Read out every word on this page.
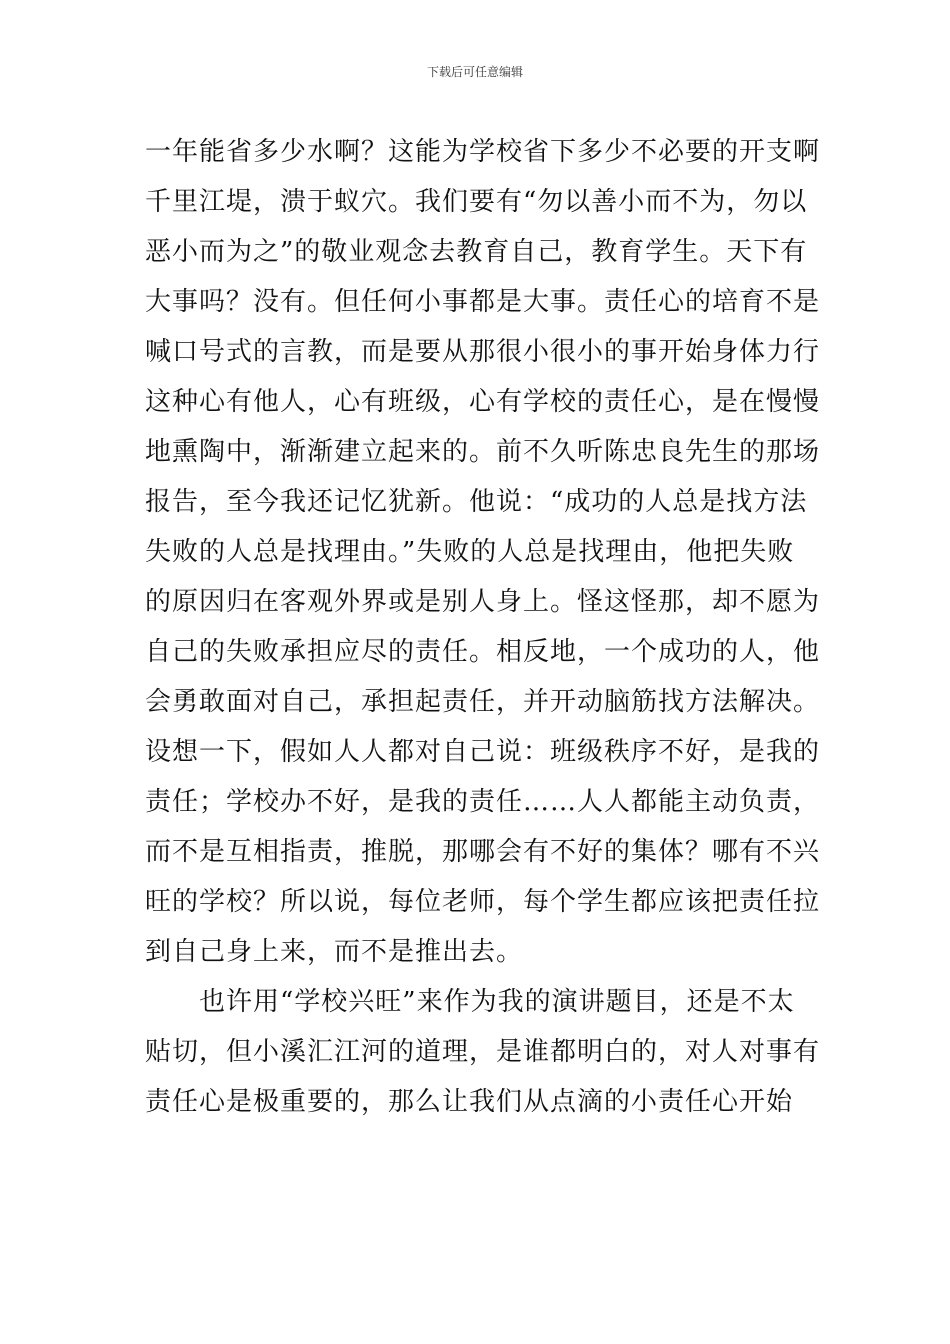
下载后可任意编辑
一年能省多少水啊？这能为学校省下多少不必要的开支啊
千里江堤，溃于蚁穴。我们要有“勿以善小而不为，勿以
恶小而为之”的敬业观念去教育自己，教育学生。天下有
大事吗？没有。但任何小事都是大事。责任心的培育不是
喊口号式的言教，而是要从那很小很小的事开始身体力行
这种心有他人，心有班级，心有学校的责任心，是在慢慢
地熏陶中，渐渐建立起来的。前不久听陈忠良先生的那场
报告，至今我还记忆犹新。他说：“成功的人总是找方法
失败的人总是找理由。”失败的人总是找理由，他把失败
的原因归在客观外界或是别人身上。怪这怪那，却不愿为
自己的失败承担应尽的责任。相反地，一个成功的人，他
会勇敢面对自己，承担起责任，并开动脑筋找方法解决。
设想一下，假如人人都对自己说：班级秩序不好，是我的
责任；学校办不好，是我的责任……人人都能主动负责，
而不是互相指责，推脱，那哪会有不好的集体？哪有不兴
旺的学校？所以说，每位老师，每个学生都应该把责任拉
到自己身上来，而不是推出去。
　　也许用“学校兴旺”来作为我的演讲题目，还是不太
贴切，但小溪汇江河的道理，是谁都明白的，对人对事有
责任心是极重要的，那么让我们从点滴的小责任心开始
